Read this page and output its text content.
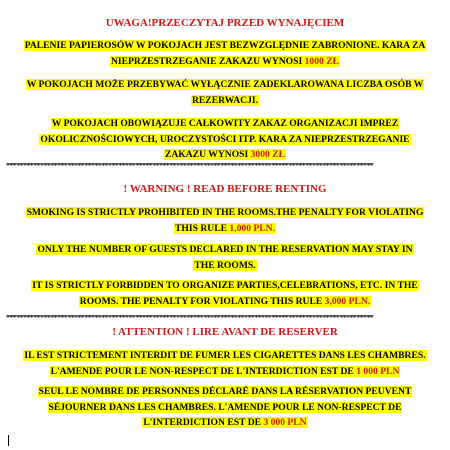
UWAGA!PRZECZYTAJ PRZED WYNAJĘCIEM
PALENIE PAPIEROSÓW W POKOJACH JEST BEZWZGLĘDNIE ZABRONIONE. KARA ZA
NIEPRZESTRZEGANIE ZAKAZU WYNOSI 1000 ZŁ
W POKOJACH MOŻE PRZEBYWAĆ WYŁĄCZNIE ZADEKLAROWANA LICZBA OSÓB W
REZERWACJI.
W POKOJACH OBOWIĄZUJE CAŁKOWITY ZAKAZ ORGANIZACJI IMPREZ
OKOLICZNOŚCIOWYCH, UROCZYSTOŚCI ITP. KARA ZA NIEPRZESTRZEGANIE
ZAKAZU WYNOSI 3000 ZŁ
************************************************************************************************************
! WARNING ! READ BEFORE RENTING
SMOKING IS STRICTLY PROHIBITED IN THE ROOMS.THE PENALTY FOR VIOLATING
THIS RULE 1,000 PLN.
ONLY THE NUMBER OF GUESTS DECLARED IN THE RESERVATION MAY STAY IN
THE ROOMS.
IT IS STRICTLY FORBIDDEN TO ORGANIZE PARTIES,CELEBRATIONS, ETC. IN THE
ROOMS. THE PENALTY FOR VIOLATING THIS RULE 3,000 PLN.
************************************************************************************************************
! ATTENTION ! LIRE AVANT DE RESERVER
IL EST STRICTEMENT INTERDIT DE FUMER LES CIGARETTES DANS LES CHAMBRES.
L'AMENDE POUR LE NON-RESPECT DE L'INTERDICTION EST DE 1 000 PLN
SEUL LE NOMBRE DE PERSONNES DÉCLARÉ DANS LA RÉSERVATION PEUVENT
SÉJOURNER DANS LES CHAMBRES. L'AMENDE POUR LE NON-RESPECT DE
L'INTERDICTION EST DE 3 000 PLN
